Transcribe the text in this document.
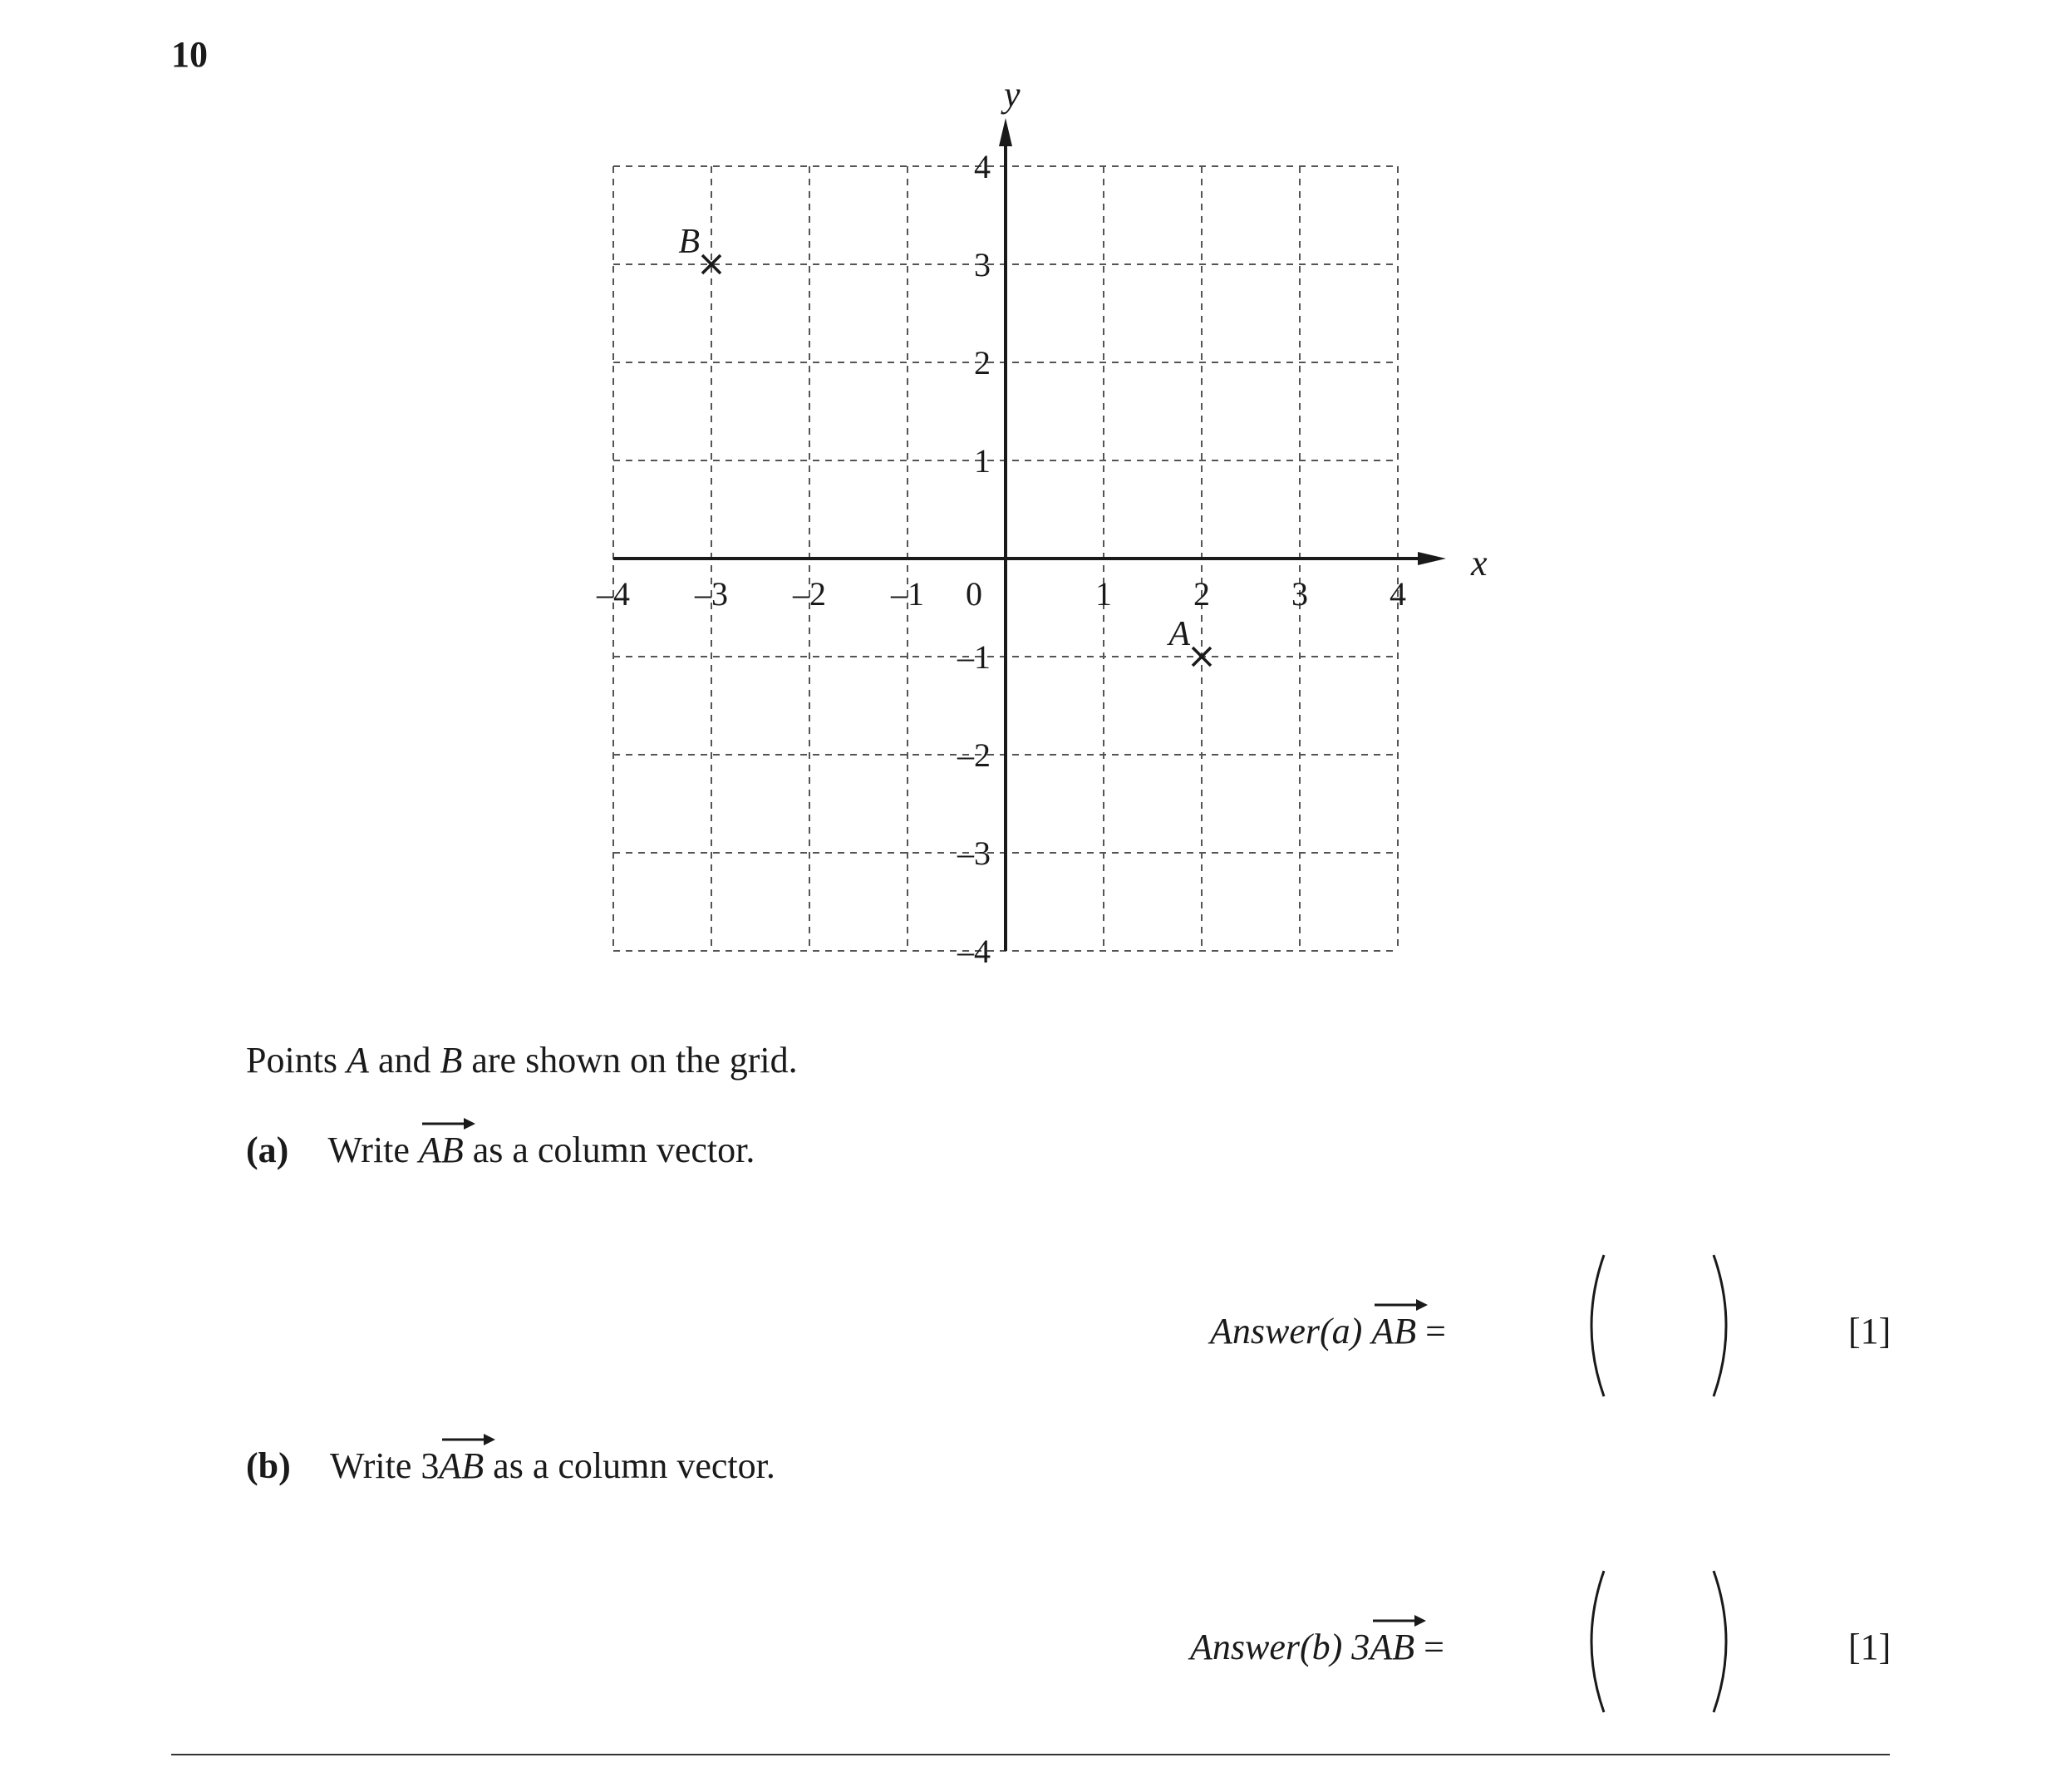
10
–4 –3 –2 –1	1 2 3 4
4
3
2
1
–1
–2
–3
–4
A
B
x
y
0
Points A and B are shown on the grid.
(a) Write AB as a column vector.
Answer(a) AB =	[1]
(b) Write 3
AB as a column vector.
Answer(b) 3
AB =	[1]
